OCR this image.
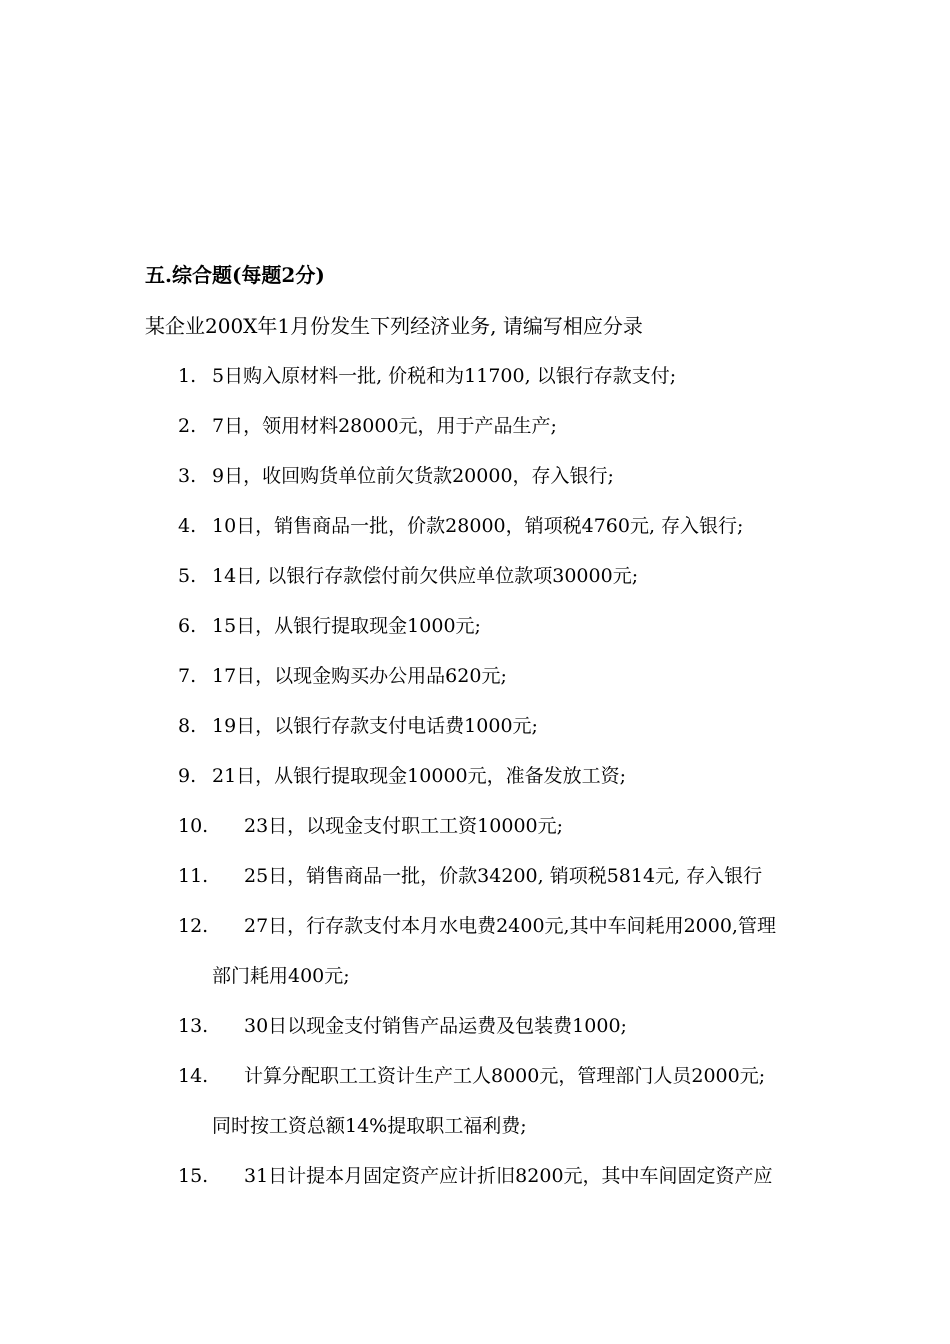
五.综合题(每题2分)
某企业200X年1月份发生下列经济业务, 请编写相应分录
1. 5日购入原材料一批, 价税和为11700, 以银行存款支付;
2. 7日，领用材料28000元，用于产品生产;
3. 9日，收回购货单位前欠货款20000，存入银行;
4. 10日，销售商品一批，价款28000，销项税4760元, 存入银行;
5. 14日, 以银行存款偿付前欠供应单位款项30000元;
6. 15日，从银行提取现金1000元;
7. 17日，以现金购买办公用品620元;
8. 19日，以银行存款支付电话费1000元;
9. 21日，从银行提取现金10000元，准备发放工资;
10. 23日，以现金支付职工工资10000元;
11. 25日，销售商品一批，价款34200, 销项税5814元, 存入银行
12. 27日，行存款支付本月水电费2400元,其中车间耗用2000,管理
部门耗用400元;
13. 30日以现金支付销售产品运费及包装费1000;
14. 计算分配职工工资计生产工人8000元，管理部门人员2000元;
同时按工资总额14%提取职工福利费;
15. 31日计提本月固定资产应计折旧8200元，其中车间固定资产应
